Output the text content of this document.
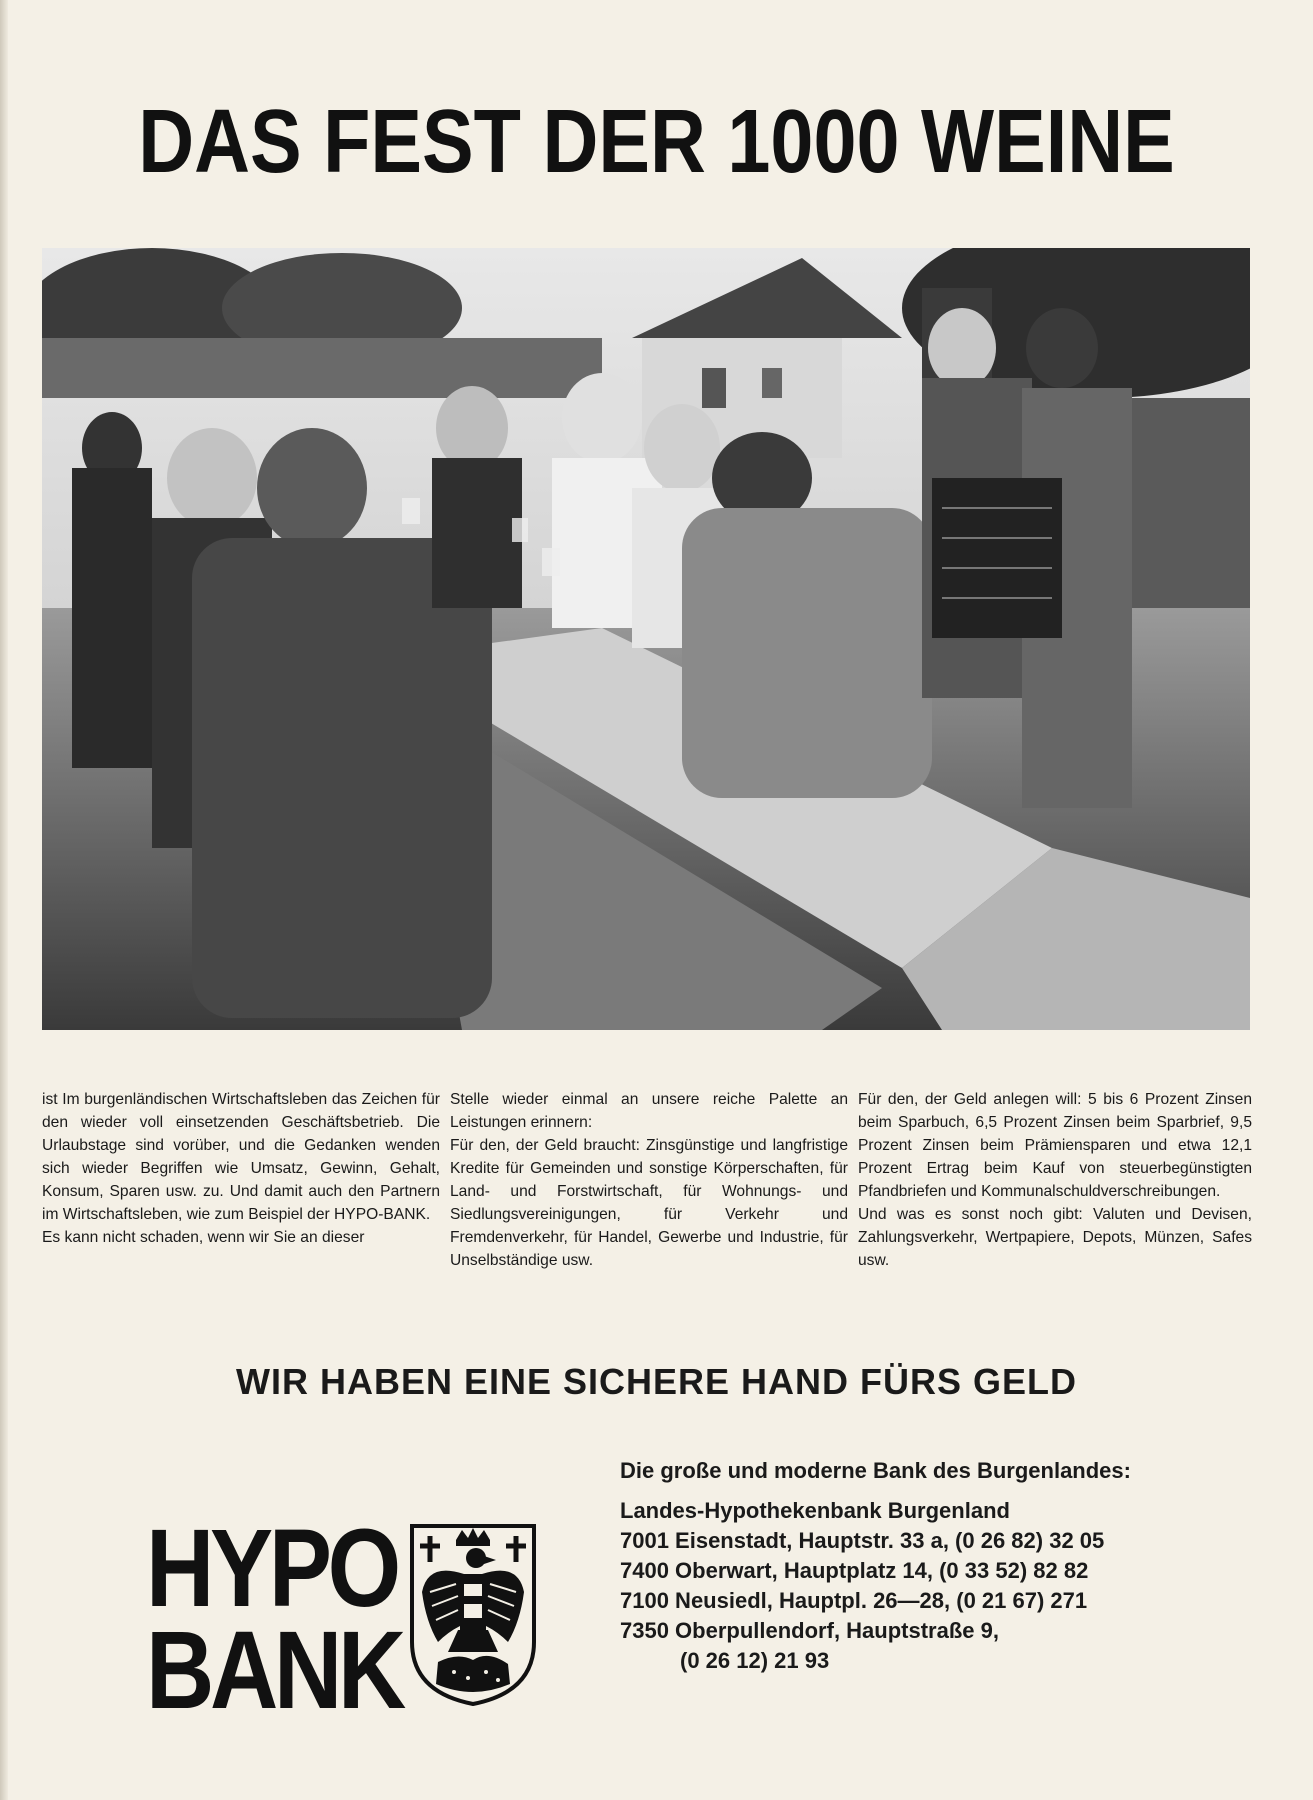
DAS FEST DER 1000 WEINE

ist Im burgenländischen Wirtschaftsleben das Zeichen für den wieder voll einsetzenden Geschäftsbetrieb. Die Urlaubstage sind vorüber, und die Gedanken wenden sich wieder Begriffen wie Umsatz, Gewinn, Gehalt, Konsum, Sparen usw. zu. Und damit auch den Partnern im Wirtschaftsleben, wie zum Beispiel der HYPO-BANK.

Es kann nicht schaden, wenn wir Sie an dieser

Stelle wieder einmal an unsere reiche Palette an Leistungen erinnern:

Für den, der Geld braucht: Zinsgünstige und langfristige Kredite für Gemeinden und sonstige Körperschaften, für Land- und Forstwirtschaft, für Wohnungs- und Siedlungsvereinigungen, für Verkehr und Fremdenverkehr, für Handel, Gewerbe und Industrie, für Unselbständige usw.

Für den, der Geld anlegen will: 5 bis 6 Prozent Zinsen beim Sparbuch, 6,5 Prozent Zinsen beim Sparbrief, 9,5 Prozent Zinsen beim Prämiensparen und etwa 12,1 Prozent Ertrag beim Kauf von steuerbegünstigten Pfandbriefen und Kommunalschuldverschreibungen.

Und was es sonst noch gibt: Valuten und Devisen, Zahlungsverkehr, Wertpapiere, Depots, Münzen, Safes usw.

WIR HABEN EINE SICHERE HAND FÜRS GELD
HYPO
BANK

Die große und moderne Bank des Burgenlandes:

Landes-Hypothekenbank Burgenland

7001 Eisenstadt, Hauptstr. 33 a, (0 26 82) 32 05

7400 Oberwart, Hauptplatz 14, (0 33 52) 82 82

7100 Neusiedl, Hauptpl. 26—28, (0 21 67) 271

7350 Oberpullendorf, Hauptstraße 9,

(0 26 12) 21 93
